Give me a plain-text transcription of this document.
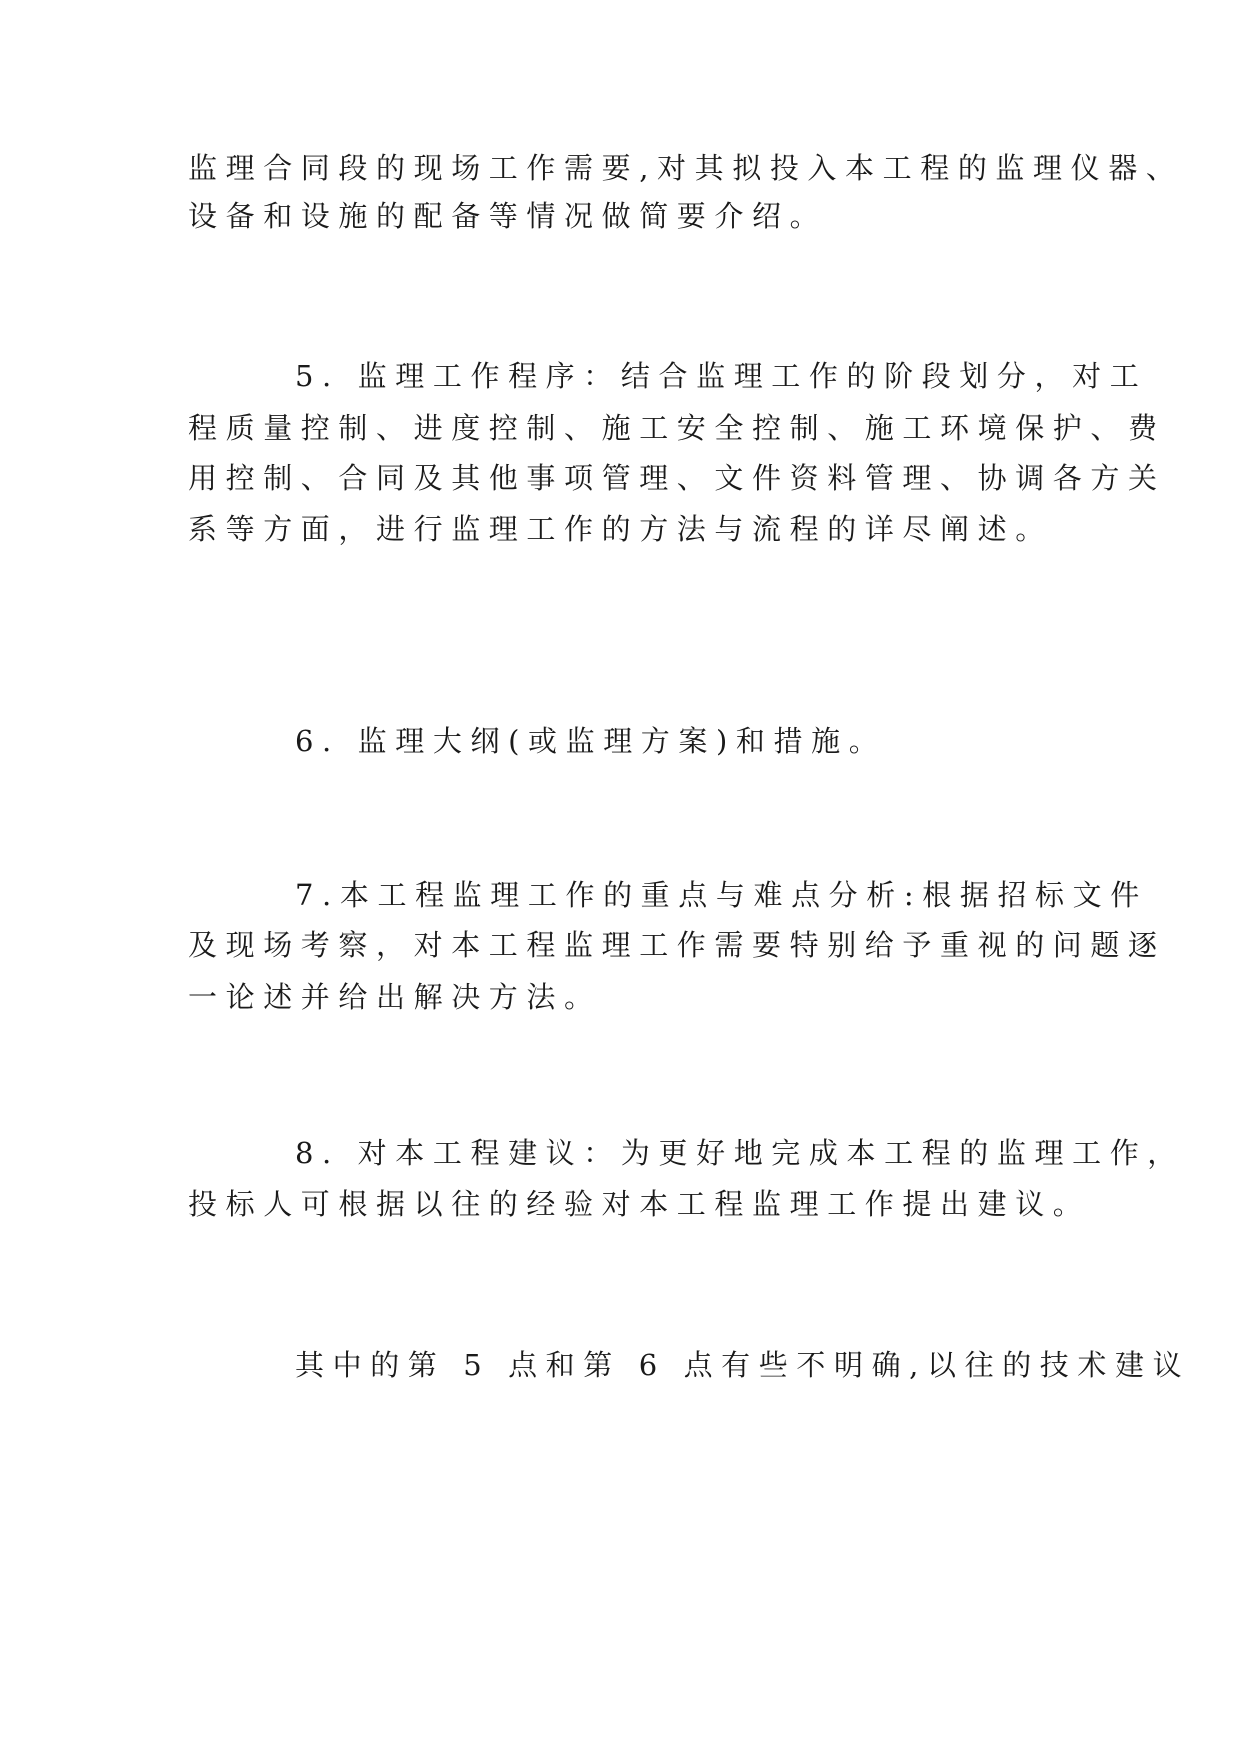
监理合同段的现场工作需要,对其拟投入本工程的监理仪器、
设备和设施的配备等情况做简要介绍。
5. 监理工作程序：结合监理工作的阶段划分，对工
程质量控制、进度控制、施工安全控制、施工环境保护、费
用控制、合同及其他事项管理、文件资料管理、协调各方关
系等方面，进行监理工作的方法与流程的详尽阐述。
6. 监理大纲(或监理方案)和措施。
7.本工程监理工作的重点与难点分析:根据招标文件
及现场考察，对本工程监理工作需要特别给予重视的问题逐
一论述并给出解决方法。
8. 对本工程建议：为更好地完成本工程的监理工作，
投标人可根据以往的经验对本工程监理工作提出建议。
其中的第 5 点和第 6 点有些不明确,以往的技术建议
